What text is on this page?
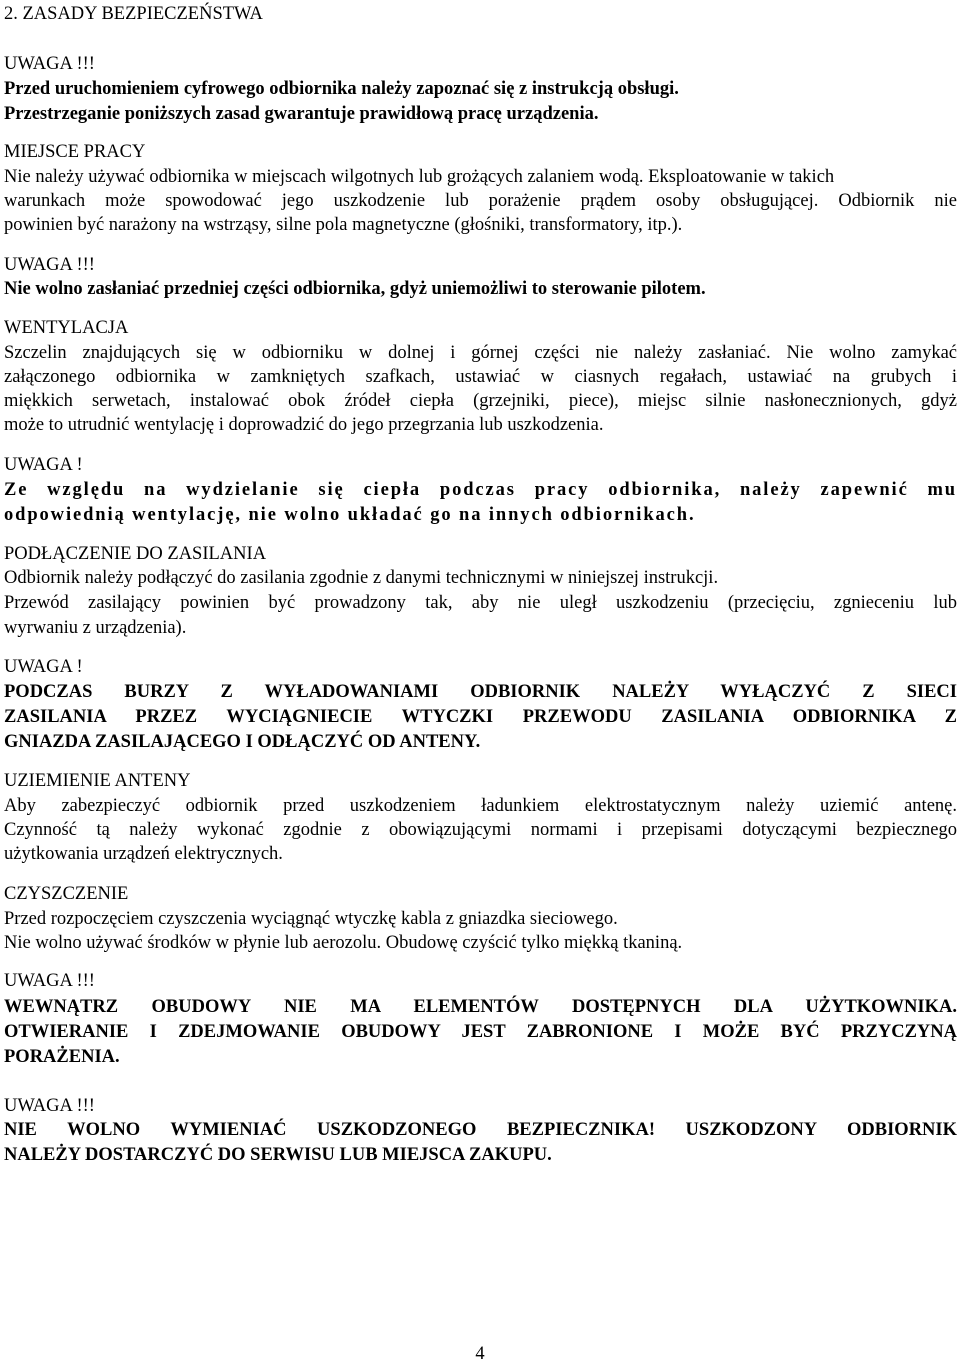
2. ZASADY BEZPIECZEŃSTWA
UWAGA !!!
Przed uruchomieniem cyfrowego odbiornika należy zapoznać się z instrukcją obsługi.
Przestrzeganie poniższych zasad gwarantuje prawidłową pracę urządzenia.
MIEJSCE PRACY
Nie należy używać odbiornika w miejscach wilgotnych lub grożących zalaniem wodą. Eksploatowanie w takich
warunkach może spowodować jego uszkodzenie lub porażenie prądem osoby obsługującej. Odbiornik nie
powinien być narażony na wstrząsy, silne pola magnetyczne (głośniki, transformatory, itp.).
UWAGA !!!
Nie wolno zasłaniać przedniej części odbiornika, gdyż uniemożliwi to sterowanie pilotem.
WENTYLACJA
Szczelin znajdujących się w odbiorniku w dolnej i górnej części nie należy zasłaniać. Nie wolno zamykać
załączonego odbiornika w zamkniętych szafkach, ustawiać w ciasnych regałach, ustawiać na grubych i
miękkich serwetach, instalować obok źródeł ciepła (grzejniki, piece), miejsc silnie nasłonecznionych, gdyż
może to utrudnić wentylację i doprowadzić do jego przegrzania lub uszkodzenia.
UWAGA !
Ze względu na wydzielanie się ciepła podczas pracy odbiornika, należy zapewnić mu
odpowiednią wentylację, nie wolno układać go na innych odbiornikach.
PODŁĄCZENIE DO ZASILANIA
Odbiornik należy podłączyć do zasilania zgodnie z danymi technicznymi w niniejszej instrukcji.
Przewód zasilający powinien być prowadzony tak, aby nie uległ uszkodzeniu (przecięciu, zgnieceniu lub
wyrwaniu z urządzenia).
UWAGA !
PODCZAS BURZY Z WYŁADOWANIAMI ODBIORNIK NALEŻY WYŁĄCZYĆ Z SIECI
ZASILANIA PRZEZ WYCIĄGNIECIE WTYCZKI PRZEWODU ZASILANIA ODBIORNIKA Z
GNIAZDA ZASILAJĄCEGO I ODŁĄCZYĆ OD ANTENY.
UZIEMIENIE ANTENY
Aby zabezpieczyć odbiornik przed uszkodzeniem ładunkiem elektrostatycznym należy uziemić antenę.
Czynność tą należy wykonać zgodnie z obowiązującymi normami i przepisami dotyczącymi bezpiecznego
użytkowania urządzeń elektrycznych.
CZYSZCZENIE
Przed rozpoczęciem czyszczenia wyciągnąć wtyczkę kabla z gniazdka sieciowego.
Nie wolno używać środków w płynie lub aerozolu. Obudowę czyścić tylko miękką tkaniną.
UWAGA !!!
WEWNĄTRZ OBUDOWY NIE MA ELEMENTÓW DOSTĘPNYCH DLA UŻYTKOWNIKA.
OTWIERANIE I ZDEJMOWANIE OBUDOWY JEST ZABRONIONE I MOŻE BYĆ PRZYCZYNĄ
PORAŻENIA.
UWAGA !!!
NIE WOLNO WYMIENIAĆ USZKODZONEGO BEZPIECZNIKA! USZKODZONY ODBIORNIK
NALEŻY DOSTARCZYĆ DO SERWISU LUB MIEJSCA ZAKUPU.
4
